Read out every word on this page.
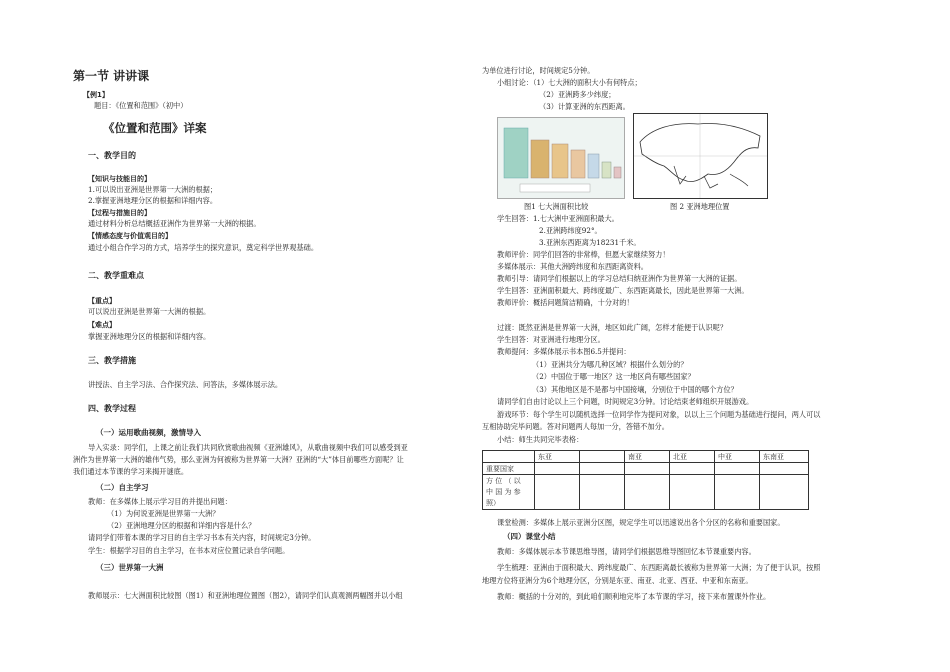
第一节 讲讲课
【例1】
题目：《位置和范围》（初中）
《位置和范围》详案
一、教学目的
【知识与技能目的】
1.可以说出亚洲是世界第一大洲的根据；
2.掌握亚洲地理分区的根据和详细内容。
【过程与措施目的】
通过材料分析总结概括亚洲作为世界第一大洲的根据。
【情感态度与价值观目的】
通过小组合作学习的方式，培养学生的探究意识，奠定科学世界观基础。
二、教学重难点
【重点】
可以说出亚洲是世界第一大洲的根据。
【难点】
掌握亚洲地理分区的根据和详细内容。
三、教学措施
讲授法、自主学习法、合作探究法、问答法，多媒体展示法。
四、教学过程
（一）运用歌曲视频，激情导入
导入实录：同学们，上课之前让我们共同欣赏歌曲视频《亚洲雄风》，从歌曲视频中我们可以感受到亚
洲作为世界第一大洲的雄伟气势，那么亚洲为何被称为世界第一大洲？亚洲的“大”体目前哪些方面呢？让
我们通过本节课的学习来揭开谜底。
（二）自主学习
教师：在多媒体上展示学习目的并提出问题：
（1）为何说亚洲是世界第一大洲？
（2）亚洲地理分区的根据和详细内容是什么？
请同学们带着本课的学习目的自主学习书本有关内容，时间规定3分钟。
学生：根据学习目的自主学习，在书本对应位置记录自学问题。
（三）世界第一大洲
教师展示：七大洲面积比较图（图1）和亚洲地理位置图（图2），请同学们认真观测两幅图并以小组
为单位进行讨论，时间规定5分钟。
小组讨论：（1）七大洲的面积大小有何特点；
（2）亚洲跨多少纬度；
（3）计算亚洲的东西距离。
图1 七大洲面积比较	图 2 亚洲地理位置
学生回答：1.七大洲中亚洲面积最大。
2.亚洲跨纬度92°。
3.亚洲东西距离为18231千米。
教师评价：同学们回答的非常棒，但愿大家继续努力！
多媒体展示：其他大洲跨纬度和东西距离资料。
教师引导：请同学们根据以上的学习总结归纳亚洲作为世界第一大洲的证据。
学生回答：亚洲面积最大、跨纬度最广、东西距离最长，因此是世界第一大洲。
教师评价：概括问题简洁精确，十分对的！
过渡：既然亚洲是世界第一大洲，地区如此广阔，怎样才能便于认识呢？
学生回答：对亚洲进行地理分区。
教师提问：多媒体展示书本图6.5并提问：
（1）亚洲共分为哪几种区域？根据什么划分的？
（2）中国位于哪一地区？这一地区尚有哪些国家？
（3）其他地区是不是都与中国接壤，分别位于中国的哪个方位？
请同学们自由讨论以上三个问题，时间规定3分钟。讨论结束老师组织开展游戏。
游戏环节：每个学生可以随机选择一位同学作为提问对象，以以上三个问题为基础进行提问，两人可以
互相协助完毕问题。答对问题两人每加一分，答错不加分。
小结：师生共同完毕表格：
	东亚		南亚	北亚	中亚	东南亚
重要国家						

方 位 （ 以
中 国 为 参
照）						

课堂检测：多媒体上展示亚洲分区图，规定学生可以迅速说出各个分区的名称和重要国家。
（四）课堂小结
教师：多媒体展示本节课思维导图，请同学们根据思维导图回忆本节课重要内容。
学生梳理：亚洲由于面积最大、跨纬度最广、东西距离最长被称为世界第一大洲；为了便于认识，按照
地理方位将亚洲分为6个地理分区，分别是东亚、南亚、北亚、西亚、中亚和东南亚。
教师：概括的十分对的，到此咱们顺利地完毕了本节课的学习，接下来布置课外作业。
